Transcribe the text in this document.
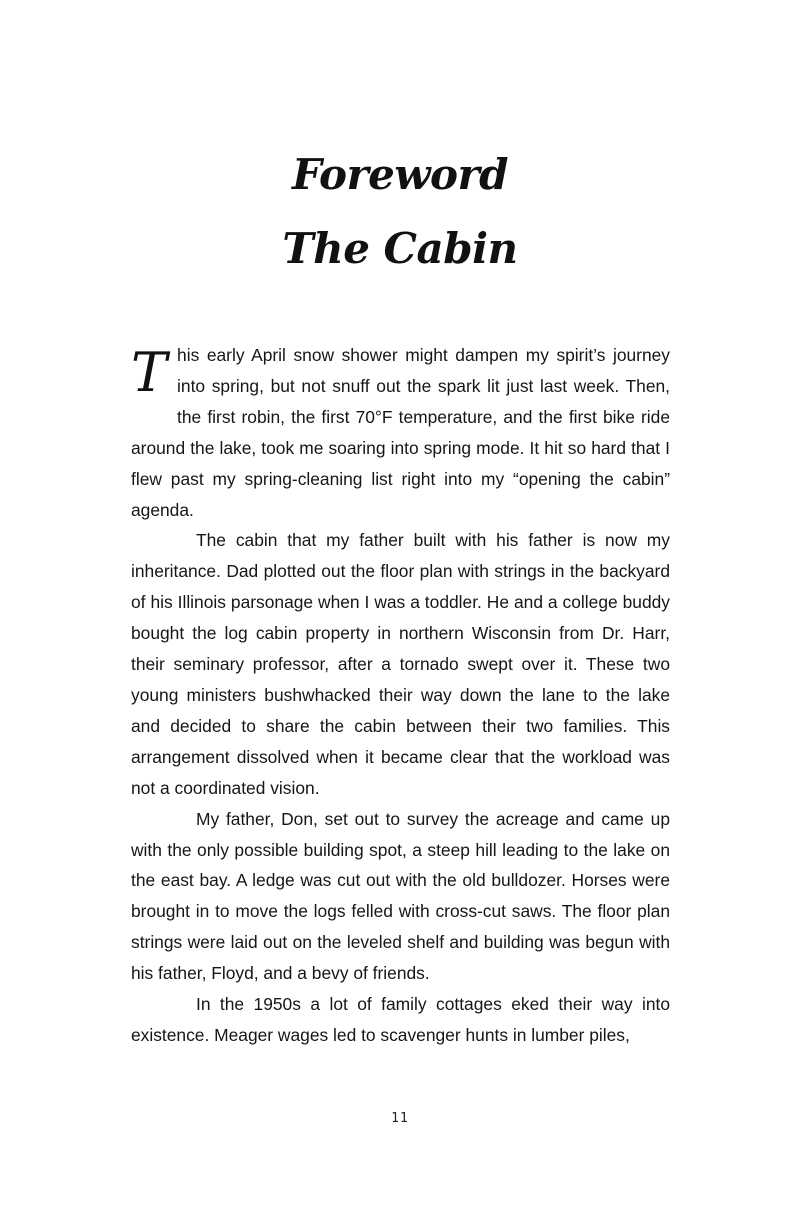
Foreword
The Cabin

This early April snow shower might dampen my spirit’s journey into spring, but not snuff out the spark lit just last week. Then, the first robin, the first 70°F temperature, and the first bike ride around the lake, took me soaring into spring mode. It hit so hard that I flew past my spring-cleaning list right into my “opening the cabin” agenda.

The cabin that my father built with his father is now my inheritance. Dad plotted out the floor plan with strings in the backyard of his Illinois parsonage when I was a toddler. He and a college buddy bought the log cabin property in northern Wisconsin from Dr. Harr, their seminary professor, after a tornado swept over it. These two young ministers bushwhacked their way down the lane to the lake and decided to share the cabin between their two families. This arrangement dissolved when it became clear that the workload was not a coordinated vision.

My father, Don, set out to survey the acreage and came up with the only possible building spot, a steep hill leading to the lake on the east bay. A ledge was cut out with the old bulldozer. Horses were brought in to move the logs felled with cross-cut saws. The floor plan strings were laid out on the leveled shelf and building was begun with his father, Floyd, and a bevy of friends.

In the 1950s a lot of family cottages eked their way into existence. Meager wages led to scavenger hunts in lumber piles,

11
